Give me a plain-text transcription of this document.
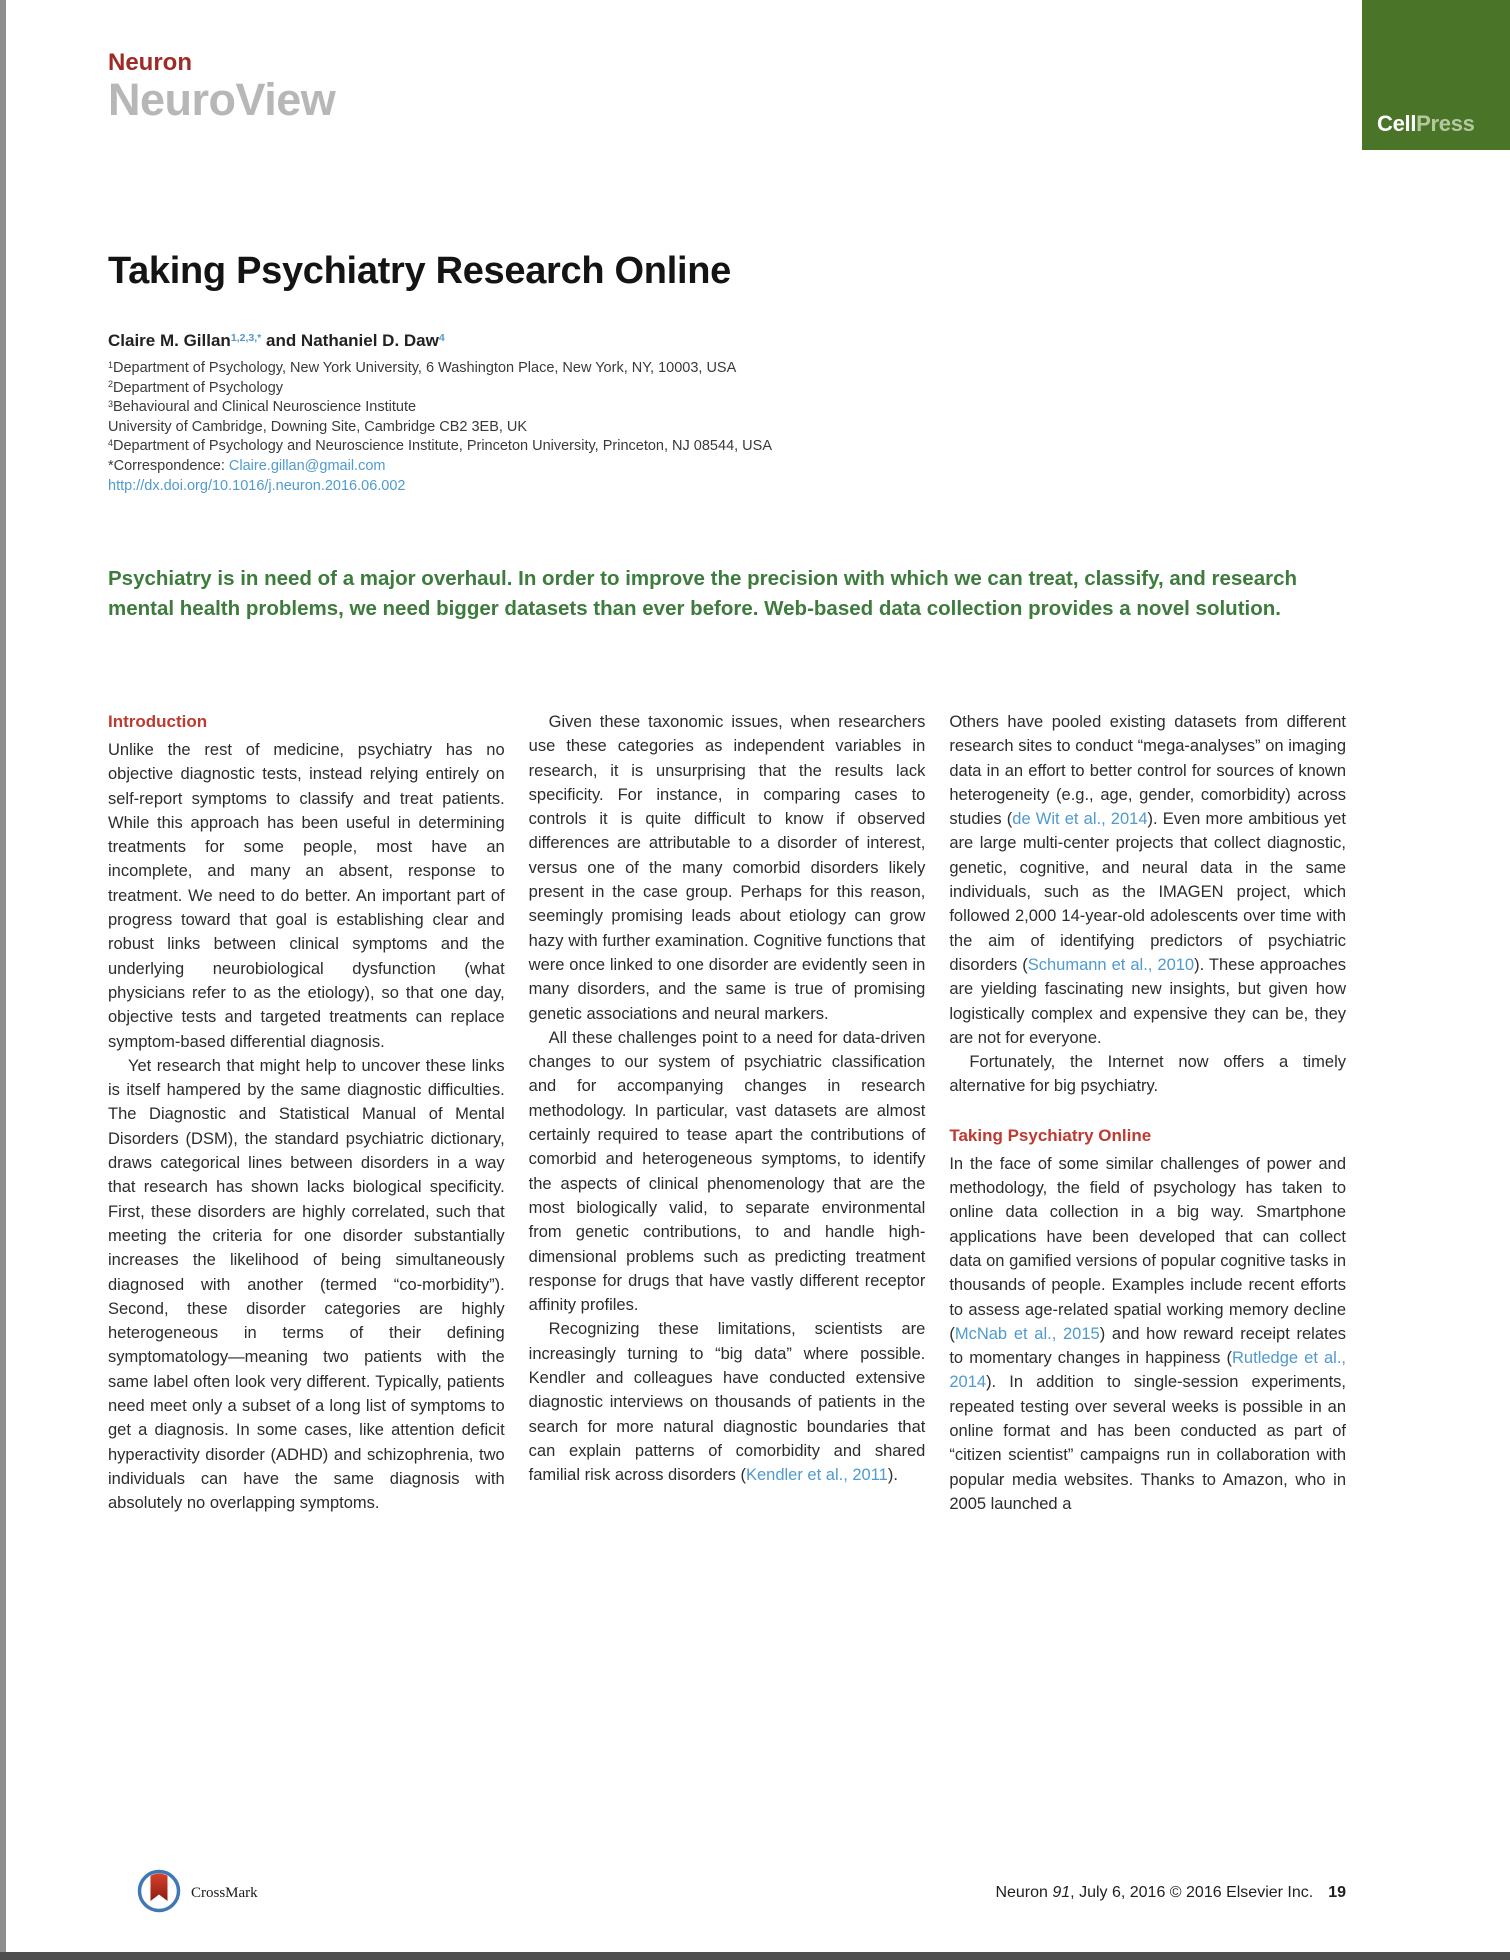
Neuron
NeuroView	CellPress
Taking Psychiatry Research Online
Claire M. Gillan$^{1,2,3,*}$ and Nathaniel D. Daw$^4$
$^1$Department of Psychology, New York University, 6 Washington Place, New York, NY, 10003, USA
$^2$Department of Psychology
$^3$Behavioural and Clinical Neuroscience Institute
University of Cambridge, Downing Site, Cambridge CB2 3EB, UK
$^4$Department of Psychology and Neuroscience Institute, Princeton University, Princeton, NJ 08544, USA
*Correspondence: Claire.gillan@gmail.com
http://dx.doi.org/10.1016/j.neuron.2016.06.002

Psychiatry is in need of a major overhaul. In order to improve the precision with which we can treat, classify, and research mental health problems, we need bigger datasets than ever before. Web-based data collection provides a novel solution.

Introduction

Unlike the rest of medicine, psychiatry has no objective diagnostic tests, instead relying entirely on self-report symptoms to classify and treat patients. While this approach has been useful in determining treatments for some people, most have an incomplete, and many an absent, response to treatment. We need to do better. An important part of progress toward that goal is establishing clear and robust links between clinical symptoms and the underlying neurobiological dysfunction (what physicians refer to as the etiology), so that one day, objective tests and targeted treatments can replace symptom-based differential diagnosis.

Yet research that might help to uncover these links is itself hampered by the same diagnostic difficulties. The Diagnostic and Statistical Manual of Mental Disorders (DSM), the standard psychiatric dictionary, draws categorical lines between disorders in a way that research has shown lacks biological specificity. First, these disorders are highly correlated, such that meeting the criteria for one disorder substantially increases the likelihood of being simultaneously diagnosed with another (termed “co-morbidity”). Second, these disorder categories are highly heterogeneous in terms of their defining symptomatology—meaning two patients with the same label often look very different. Typically, patients need meet only a subset of a long list of symptoms to get a diagnosis. In some cases, like attention deficit hyperactivity disorder (ADHD) and schizophrenia, two individuals can have the same diagnosis with absolutely no overlapping symptoms.

Given these taxonomic issues, when researchers use these categories as independent variables in research, it is unsurprising that the results lack specificity. For instance, in comparing cases to controls it is quite difficult to know if observed differences are attributable to a disorder of interest, versus one of the many comorbid disorders likely present in the case group. Perhaps for this reason, seemingly promising leads about etiology can grow hazy with further examination. Cognitive functions that were once linked to one disorder are evidently seen in many disorders, and the same is true of promising genetic associations and neural markers.

All these challenges point to a need for data-driven changes to our system of psychiatric classification and for accompanying changes in research methodology. In particular, vast datasets are almost certainly required to tease apart the contributions of comorbid and heterogeneous symptoms, to identify the aspects of clinical phenomenology that are the most biologically valid, to separate environmental from genetic contributions, to and handle high-dimensional problems such as predicting treatment response for drugs that have vastly different receptor affinity profiles.

Recognizing these limitations, scientists are increasingly turning to “big data” where possible. Kendler and colleagues have conducted extensive diagnostic interviews on thousands of patients in the search for more natural diagnostic boundaries that can explain patterns of comorbidity and shared familial risk across disorders (Kendler et al., 2011).

Others have pooled existing datasets from different research sites to conduct “mega-analyses” on imaging data in an effort to better control for sources of known heterogeneity (e.g., age, gender, comorbidity) across studies (de Wit et al., 2014). Even more ambitious yet are large multi-center projects that collect diagnostic, genetic, cognitive, and neural data in the same individuals, such as the IMAGEN project, which followed 2,000 14-year-old adolescents over time with the aim of identifying predictors of psychiatric disorders (Schumann et al., 2010). These approaches are yielding fascinating new insights, but given how logistically complex and expensive they can be, they are not for everyone.

Fortunately, the Internet now offers a timely alternative for big psychiatry.

Taking Psychiatry Online

In the face of some similar challenges of power and methodology, the field of psychology has taken to online data collection in a big way. Smartphone applications have been developed that can collect data on gamified versions of popular cognitive tasks in thousands of people. Examples include recent efforts to assess age-related spatial working memory decline (McNab et al., 2015) and how reward receipt relates to momentary changes in happiness (Rutledge et al., 2014). In addition to single-session experiments, repeated testing over several weeks is possible in an online format and has been conducted as part of “citizen scientist” campaigns run in collaboration with popular media websites. Thanks to Amazon, who in 2005 launched a

CrossMark	Neuron 91, July 6, 2016 © 2016 Elsevier Inc. 19
